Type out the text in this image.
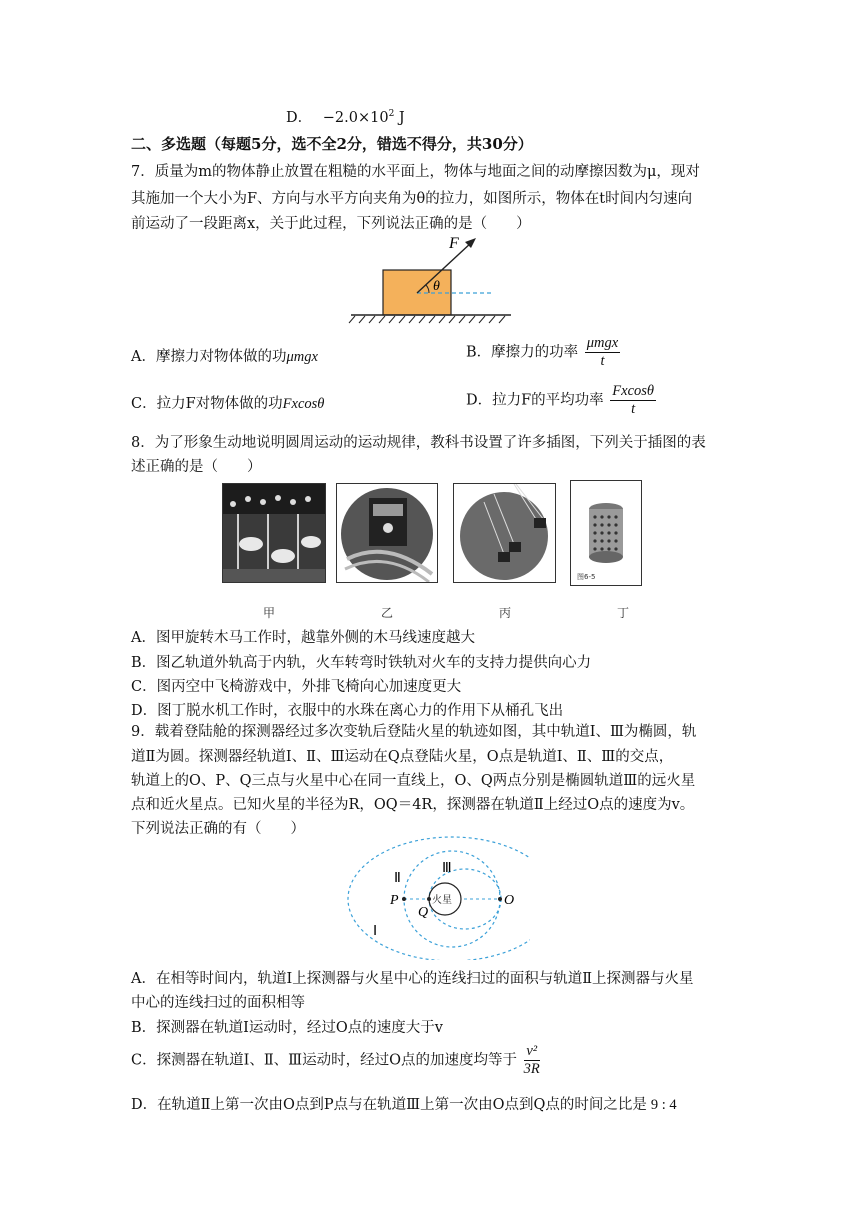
D． $-2.0\times 10^2$ J
二、多选题（每题5分，选不全2分，错选不得分，共30分）
7．质量为m的物体静止放置在粗糙的水平面上，物体与地面之间的动摩擦因数为μ，现对
其施加一个大小为F、方向与水平方向夹角为θ的拉力，如图所示，物体在t时间内匀速向
前运动了一段距离x，关于此过程，下列说法正确的是（　　）
F
θ
A．摩擦力对物体做的功μmgx	B．摩擦力的功率 $\frac{\text{μmgx}}{t}$
C．拉力F对物体做的功Fxcosθ	D．拉力F的平均功率 $\frac{Fxcos\theta}{t}$
8．为了形象生动地说明圆周运动的运动规律，教科书设置了许多插图，下列关于插图的表
述正确的是（　　）
图6-5
甲	乙	丙	丁
A．图甲旋转木马工作时，越靠外侧的木马线速度越大
B．图乙轨道外轨高于内轨，火车转弯时铁轨对火车的支持力提供向心力
C．图丙空中飞椅游戏中，外排飞椅向心加速度更大
D．图丁脱水机工作时，衣服中的水珠在离心力的作用下从桶孔飞出
9．载着登陆舱的探测器经过多次变轨后登陆火星的轨迹如图，其中轨道Ⅰ、Ⅲ为椭圆，轨
道Ⅱ为圆。探测器经轨道Ⅰ、Ⅱ、Ⅲ运动在Q点登陆火星，O点是轨道Ⅰ、Ⅱ、Ⅲ的交点，
轨道上的O、P、Q三点与火星中心在同一直线上，O、Q两点分别是椭圆轨道Ⅲ的远火星
点和近火星点。已知火星的半径为R，OQ＝4R，探测器在轨道Ⅱ上经过O点的速度为v。
下列说法正确的有（　　）
火星
P
Q
O
Ⅱ
Ⅲ
Ⅰ
A．在相等时间内，轨道Ⅰ上探测器与火星中心的连线扫过的面积与轨道Ⅱ上探测器与火星
中心的连线扫过的面积相等
B．探测器在轨道Ⅰ运动时，经过O点的速度大于v
C．探测器在轨道Ⅰ、Ⅱ、Ⅲ运动时，经过O点的加速度均等于 $\frac{\text{v²}}{3R}$
D．在轨道Ⅱ上第一次由O点到P点与在轨道Ⅲ上第一次由O点到Q点的时间之比是 9 : 4
